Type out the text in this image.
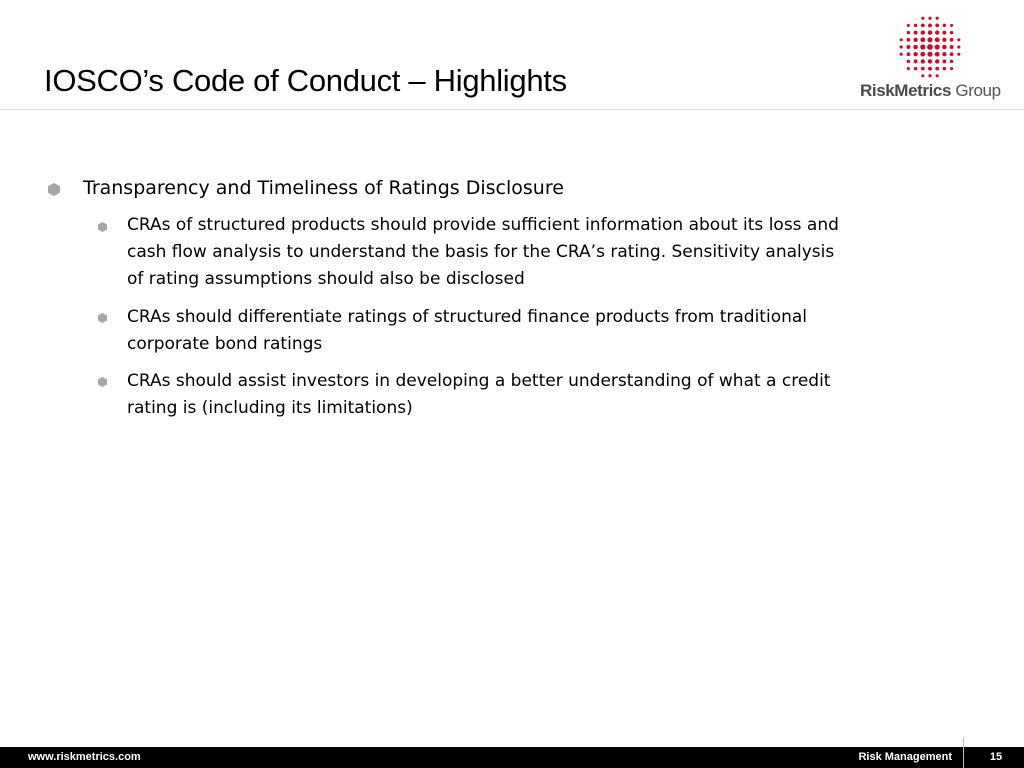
IOSCO’s Code of Conduct – Highlights	RiskMetrics Group
Transparency and Timeliness of Ratings Disclosure
CRAs of structured products should provide sufficient information about its loss and
cash flow analysis to understand the basis for the CRA’s rating. Sensitivity analysis
of rating assumptions should also be disclosed
CRAs should differentiate ratings of structured finance products from traditional
corporate bond ratings
CRAs should assist investors in developing a better understanding of what a credit
rating is (including its limitations)
www.riskmetrics.com	Risk Management	15
